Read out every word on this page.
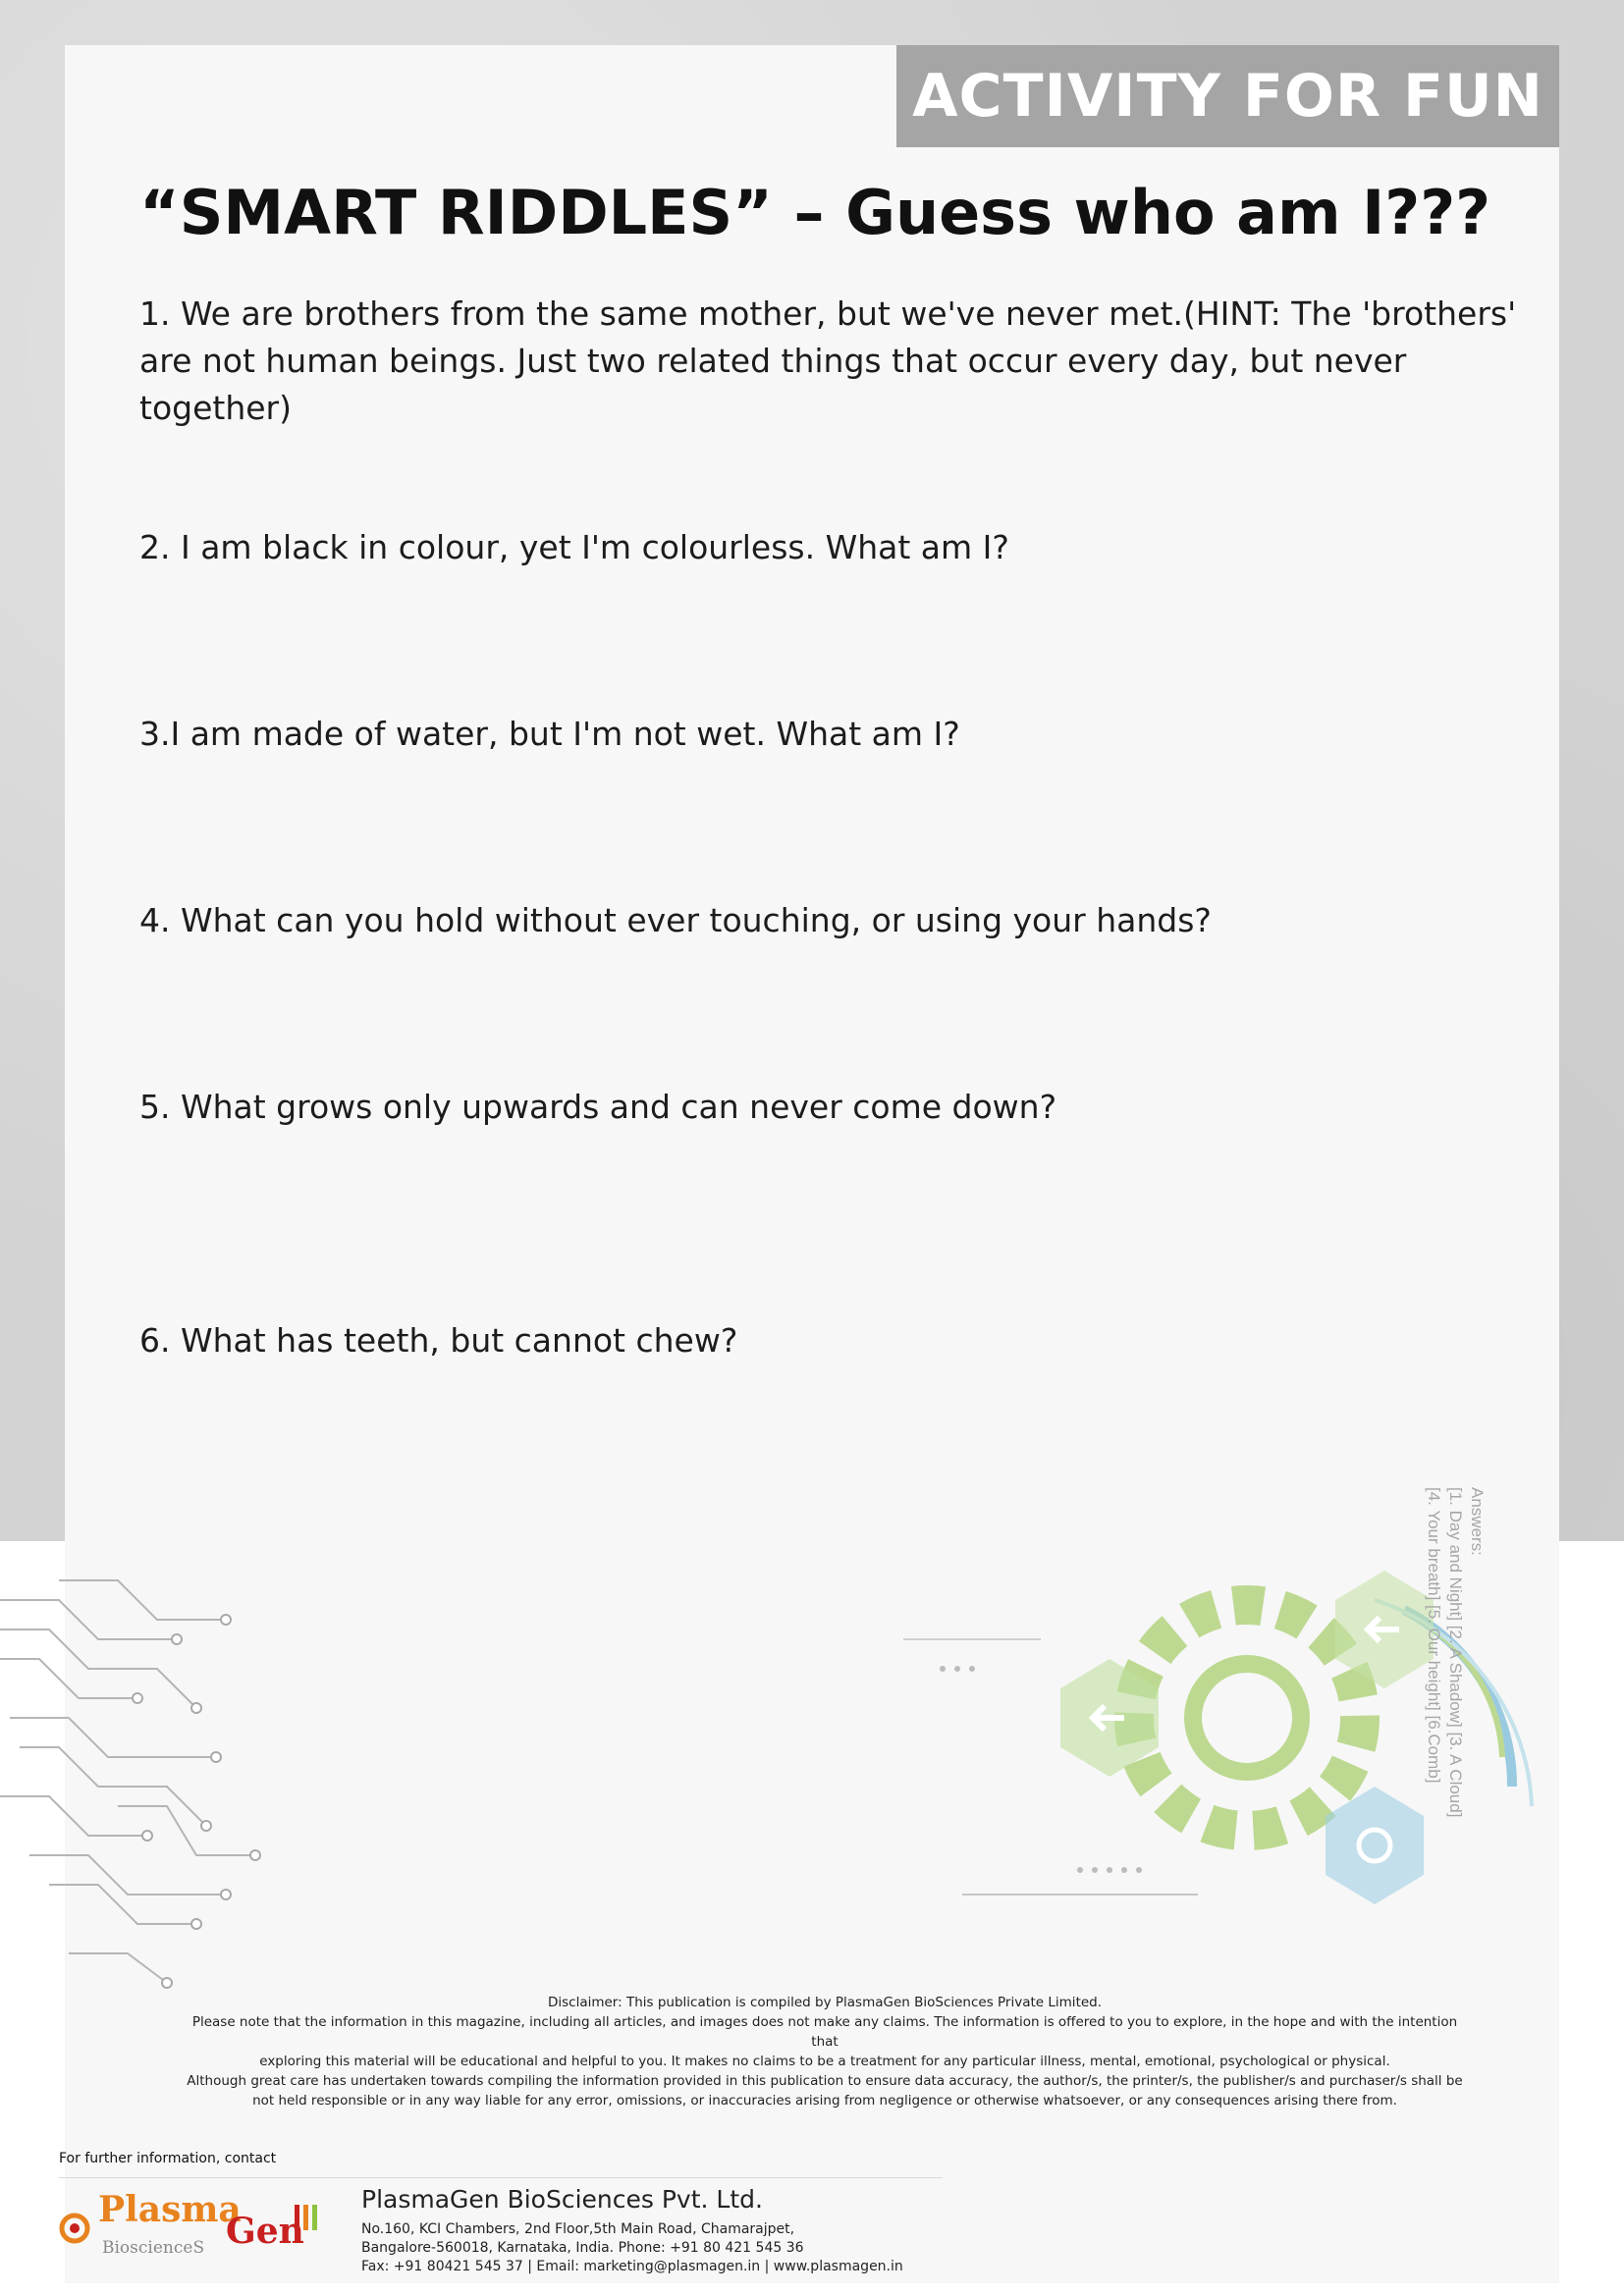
ACTIVITY FOR FUN
“SMART RIDDLES” – Guess who am I???
1. We are brothers from the same mother, but we've never met.(HINT: The 'brothers' are not human beings. Just two related things that occur every day, but never together)
2. I am black in colour, yet I'm colourless. What am I?
3.I am made of water, but I'm not wet. What am I?
4. What can you hold without ever touching, or using your hands?
5. What grows only upwards and can never come down?
6. What has teeth, but cannot chew?
Answers:
[1. Day and Night] [2. A Shadow] [3. A Cloud]
[4. Your breath] [5. Our height] [6.Comb]
Disclaimer: This publication is compiled by PlasmaGen BioSciences Private Limited.
Please note that the information in this magazine, including all articles, and images does not make any claims. The information is offered to you to explore, in the hope and with the intention that
exploring this material will be educational and helpful to you. It makes no claims to be a treatment for any particular illness, mental, emotional, psychological or physical.
Although great care has undertaken towards compiling the information provided in this publication to ensure data accuracy, the author/s, the printer/s, the publisher/s and purchaser/s shall be
not held responsible or in any way liable for any error, omissions, or inaccuracies arising from negligence or otherwise whatsoever, or any consequences arising there from.
For further information, contact
Plasma
Gen
BioscienceS
PlasmaGen BioSciences Pvt. Ltd.
No.160, KCI Chambers, 2nd Floor,5th Main Road, Chamarajpet,
Bangalore-560018, Karnataka, India. Phone: +91 80 421 545 36
Fax: +91 80421 545 37 | Email: marketing@plasmagen.in | www.plasmagen.in
